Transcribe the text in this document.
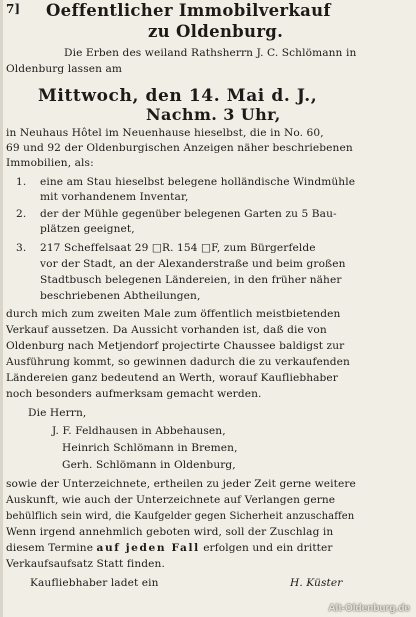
7] Oeffentlicher Immobilverkauf
zu Oldenburg.
Die Erben des weiland Rathsherrn J. C. Schlömann in
Oldenburg lassen am
Mittwoch, den 14. Mai d. J.,
Nachm. 3 Uhr,
in Neuhaus Hôtel im Neuenhause hieselbst, die in No. 60,
69 und 92 der Oldenburgischen Anzeigen näher beschriebenen
Immobilien, als:
1. eine am Stau hieselbst belegene holländische Windmühle
mit vorhandenem Inventar,
2. der der Mühle gegenüber belegenen Garten zu 5 Bau-
plätzen geeignet,
3. 217 Scheffelsaat 29 □R. 154 □F, zum Bürgerfelde
vor der Stadt, an der Alexanderstraße und beim großen
Stadtbusch belegenen Ländereien, in den früher näher
beschriebenen Abtheilungen,
durch mich zum zweiten Male zum öffentlich meistbietenden
Verkauf aussetzen. Da Aussicht vorhanden ist, daß die von
Oldenburg nach Metjendorf projectirte Chaussee baldigst zur
Ausführung kommt, so gewinnen dadurch die zu verkaufenden
Ländereien ganz bedeutend an Werth, worauf Kaufliebhaber
noch besonders aufmerksam gemacht werden.
Die Herrn,
J. F. Feldhausen in Abbehausen,
Heinrich Schlömann in Bremen,
Gerh. Schlömann in Oldenburg,
sowie der Unterzeichnete, ertheilen zu jeder Zeit gerne weitere
Auskunft, wie auch der Unterzeichnete auf Verlangen gerne
behülflich sein wird, die Kaufgelder gegen Sicherheit anzuschaffen
Wenn irgend annehmlich geboten wird, soll der Zuschlag in
diesem Termine auf jeden Fall erfolgen und ein dritter
Verkaufsaufsatz Statt finden.
Kaufliebhaber ladet ein	H. Küster
Alt-Oldenburg.de
